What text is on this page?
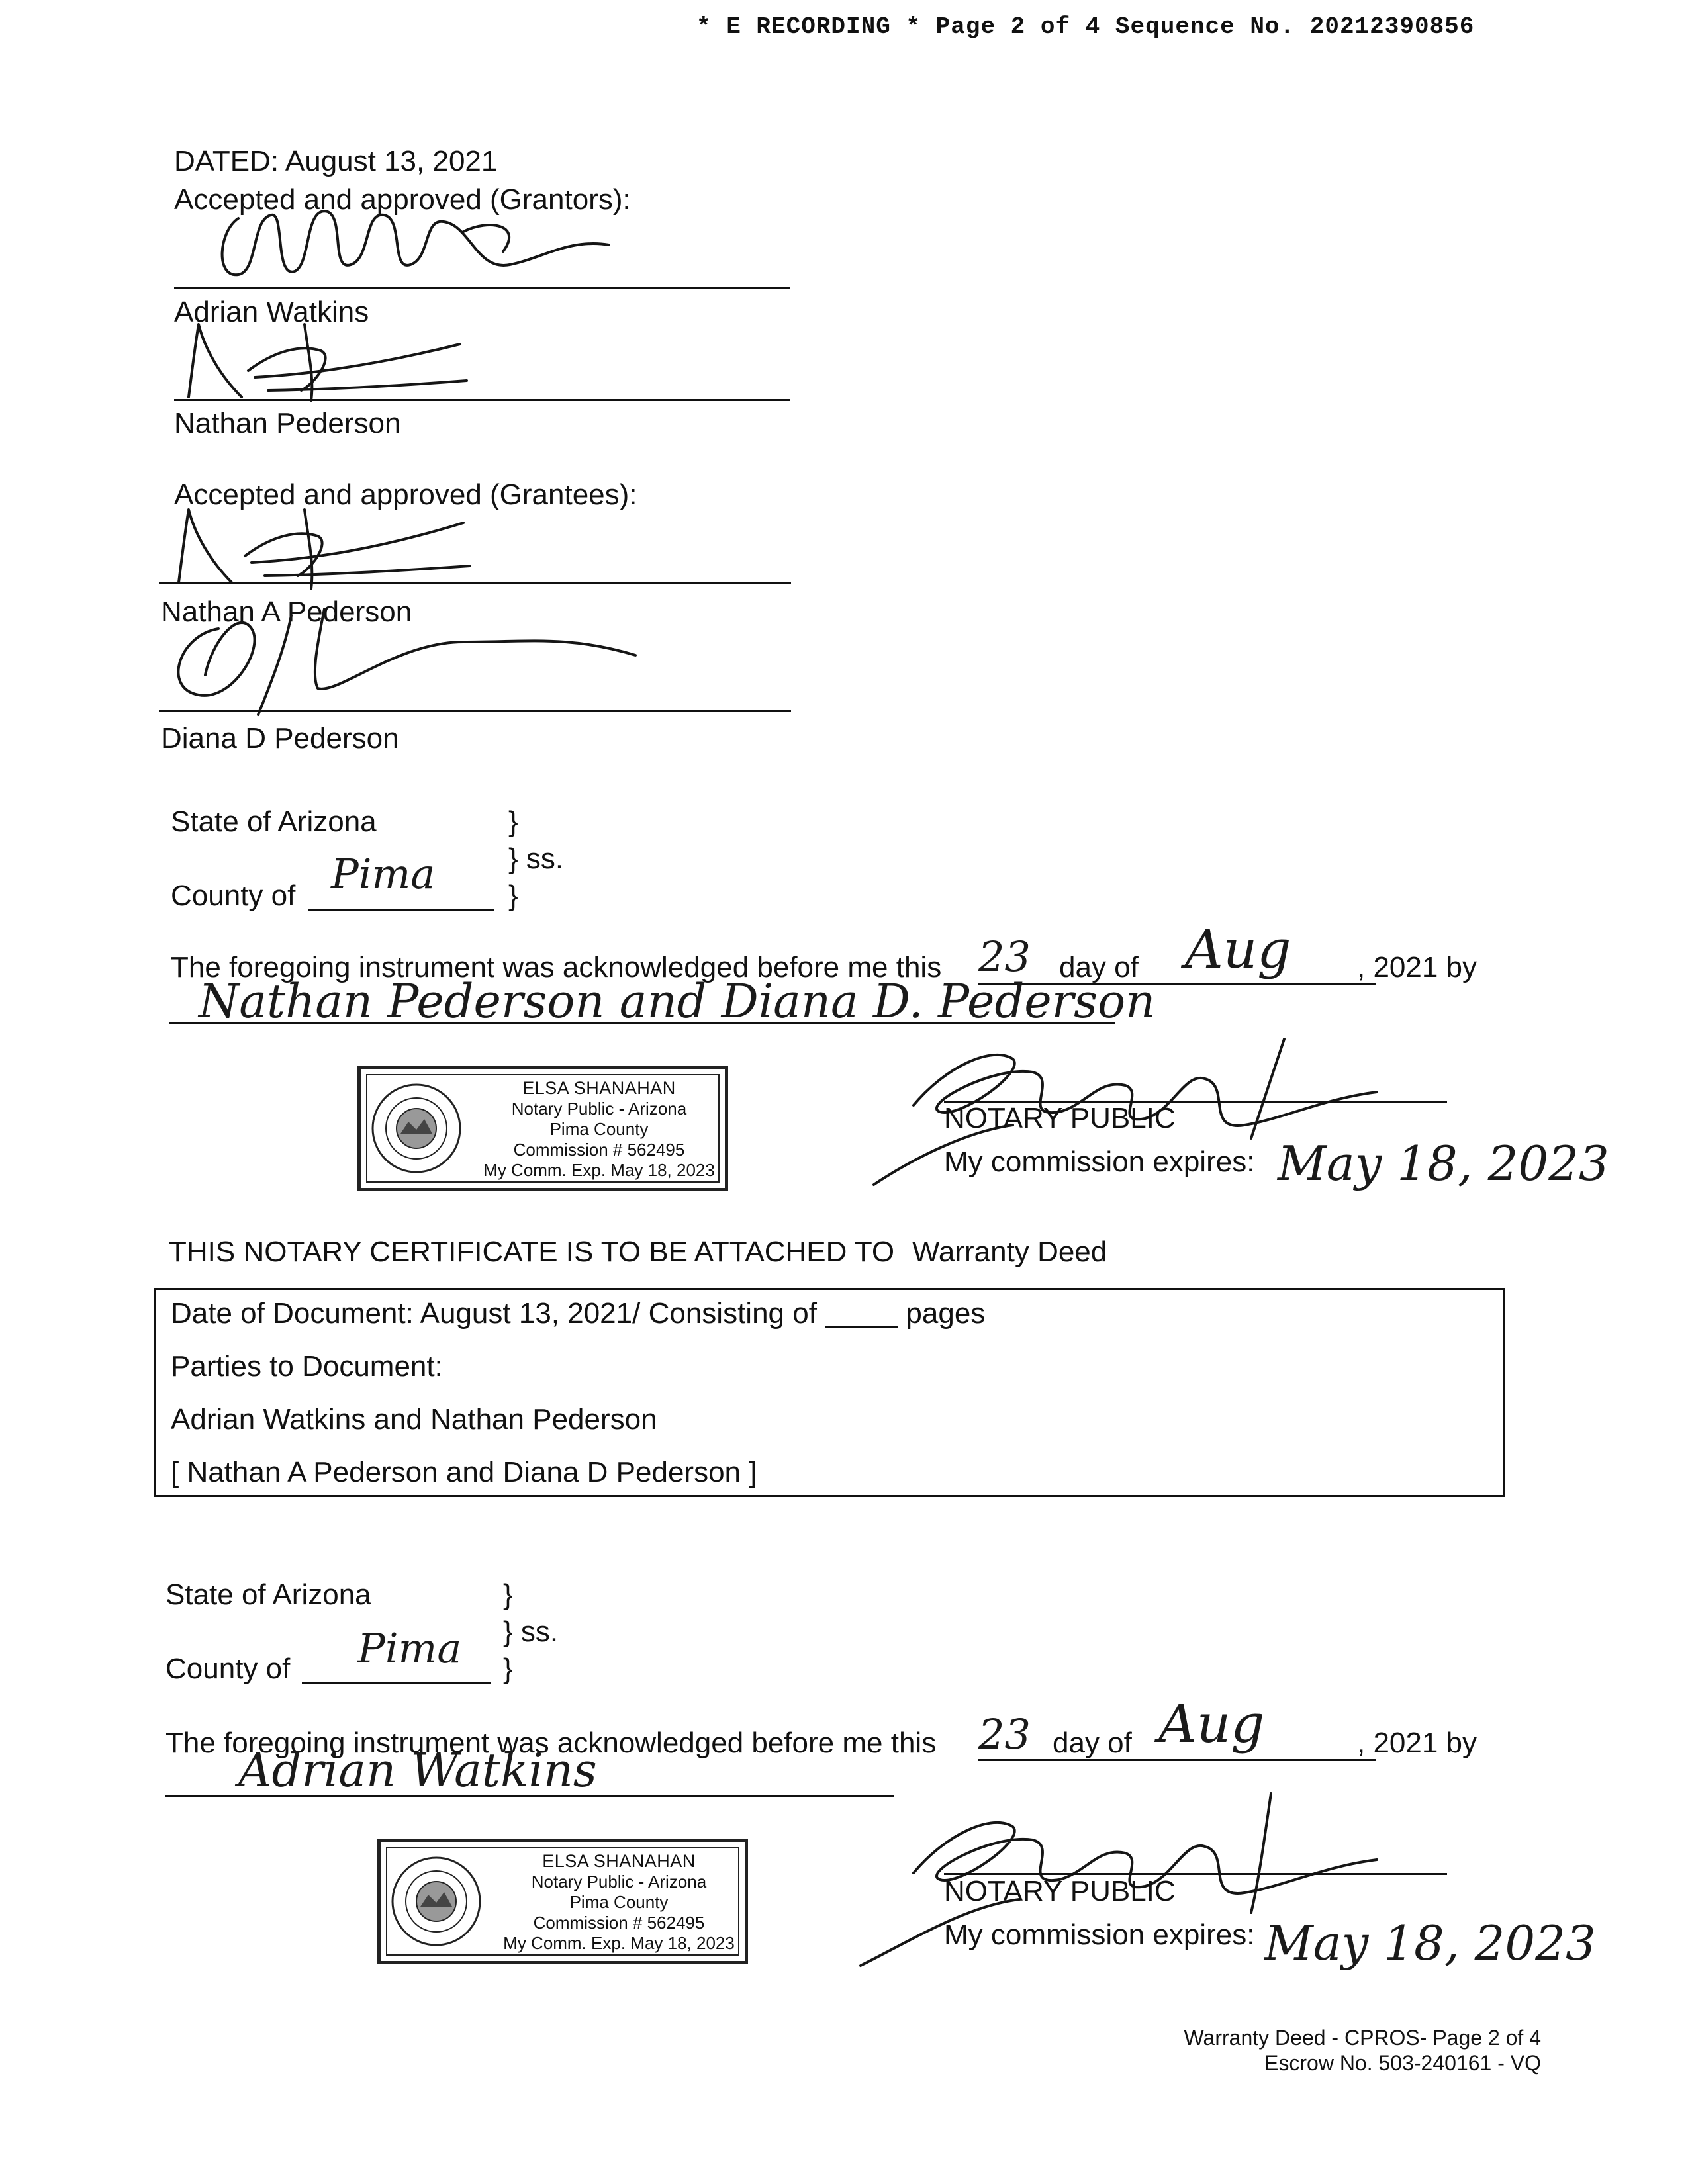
* E RECORDING * Page 2 of 4 Sequence No. 20212390856
DATED: August 13, 2021
Accepted and approved (Grantors):
Adrian Watkins
Nathan Pederson
Accepted and approved (Grantees):
Nathan A Pederson
Diana D Pederson
State of Arizona	}
} ss.
County of Pima	}
The foregoing instrument was acknowledged before me this 23 day of Aug , 2021 by
Nathan Pederson and Diana D. Pederson
ELSA SHANAHAN
Notary Public - Arizona
Pima County
Commission # 562495
My Comm. Exp. May 18, 2023
NOTARY PUBLIC
My commission expires: May 18, 2023
THIS NOTARY CERTIFICATE IS TO BE ATTACHED TO Warranty Deed
Date of Document: August 13, 2021/ Consisting of	pages
Parties to Document:
Adrian Watkins and Nathan Pederson
[ Nathan A Pederson and Diana D Pederson ]
State of Arizona	}
} ss.
County of Pima }
The foregoing instrument was acknowledged before me this 23 day of Aug	, 2021 by
Adrian Watkins
ELSA SHANAHAN
Notary Public - Arizona
Pima County
Commission # 562495
My Comm. Exp. May 18, 2023
NOTARY PUBLIC
My commission expires: May 18, 2023
Warranty Deed - CPROS- Page 2 of 4
Escrow No. 503-240161 - VQ
